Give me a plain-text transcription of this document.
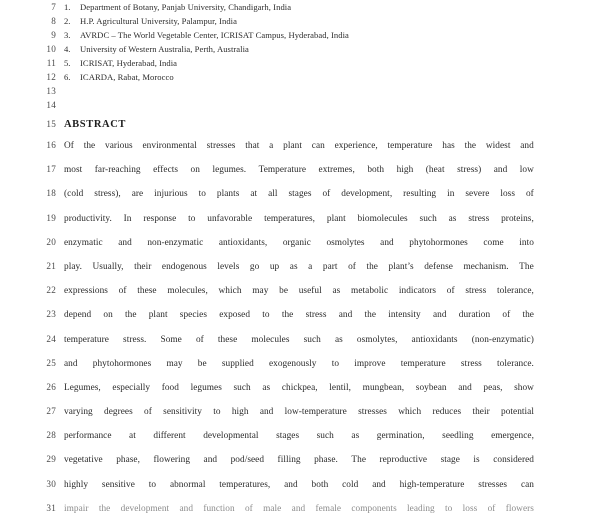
7 1.	Department of Botany, Panjab University, Chandigarh, India
8 2.	H.P. Agricultural University, Palampur, India
9 3.	AVRDC – The World Vegetable Center, ICRISAT Campus, Hyderabad, India
10 4.	University of Western Australia, Perth, Australia
11 5.	ICRISAT, Hyderabad, India
12 6.	ICARDA, Rabat, Morocco
13
14
15 ABSTRACT
16 Of the various environmental stresses that a plant can experience, temperature has the widest and
17 most far-reaching effects on legumes. Temperature extremes, both high (heat stress) and low
18 (cold stress), are injurious to plants at all stages of development, resulting in severe loss of
19 productivity. In response to unfavorable temperatures, plant biomolecules such as stress proteins,
20 enzymatic and non-enzymatic antioxidants, organic osmolytes and phytohormones come into
21 play. Usually, their endogenous levels go up as a part of the plant’s defense mechanism. The
22 expressions of these molecules, which may be useful as metabolic indicators of stress tolerance,
23 depend on the plant species exposed to the stress and the intensity and duration of the
24 temperature stress. Some of these molecules such as osmolytes, antioxidants (non-enzymatic)
25 and phytohormones may be supplied exogenously to improve temperature stress tolerance.
26 Legumes, especially food legumes such as chickpea, lentil, mungbean, soybean and peas, show
27 varying degrees of sensitivity to high and low-temperature stresses which reduces their potential
28 performance at different developmental stages such as germination, seedling emergence,
29 vegetative phase, flowering and pod/seed filling phase. The reproductive stage is considered
30 highly sensitive to abnormal temperatures, and both cold and high-temperature stresses can
31 impair the development and function of male and female components leading to loss of flowers
